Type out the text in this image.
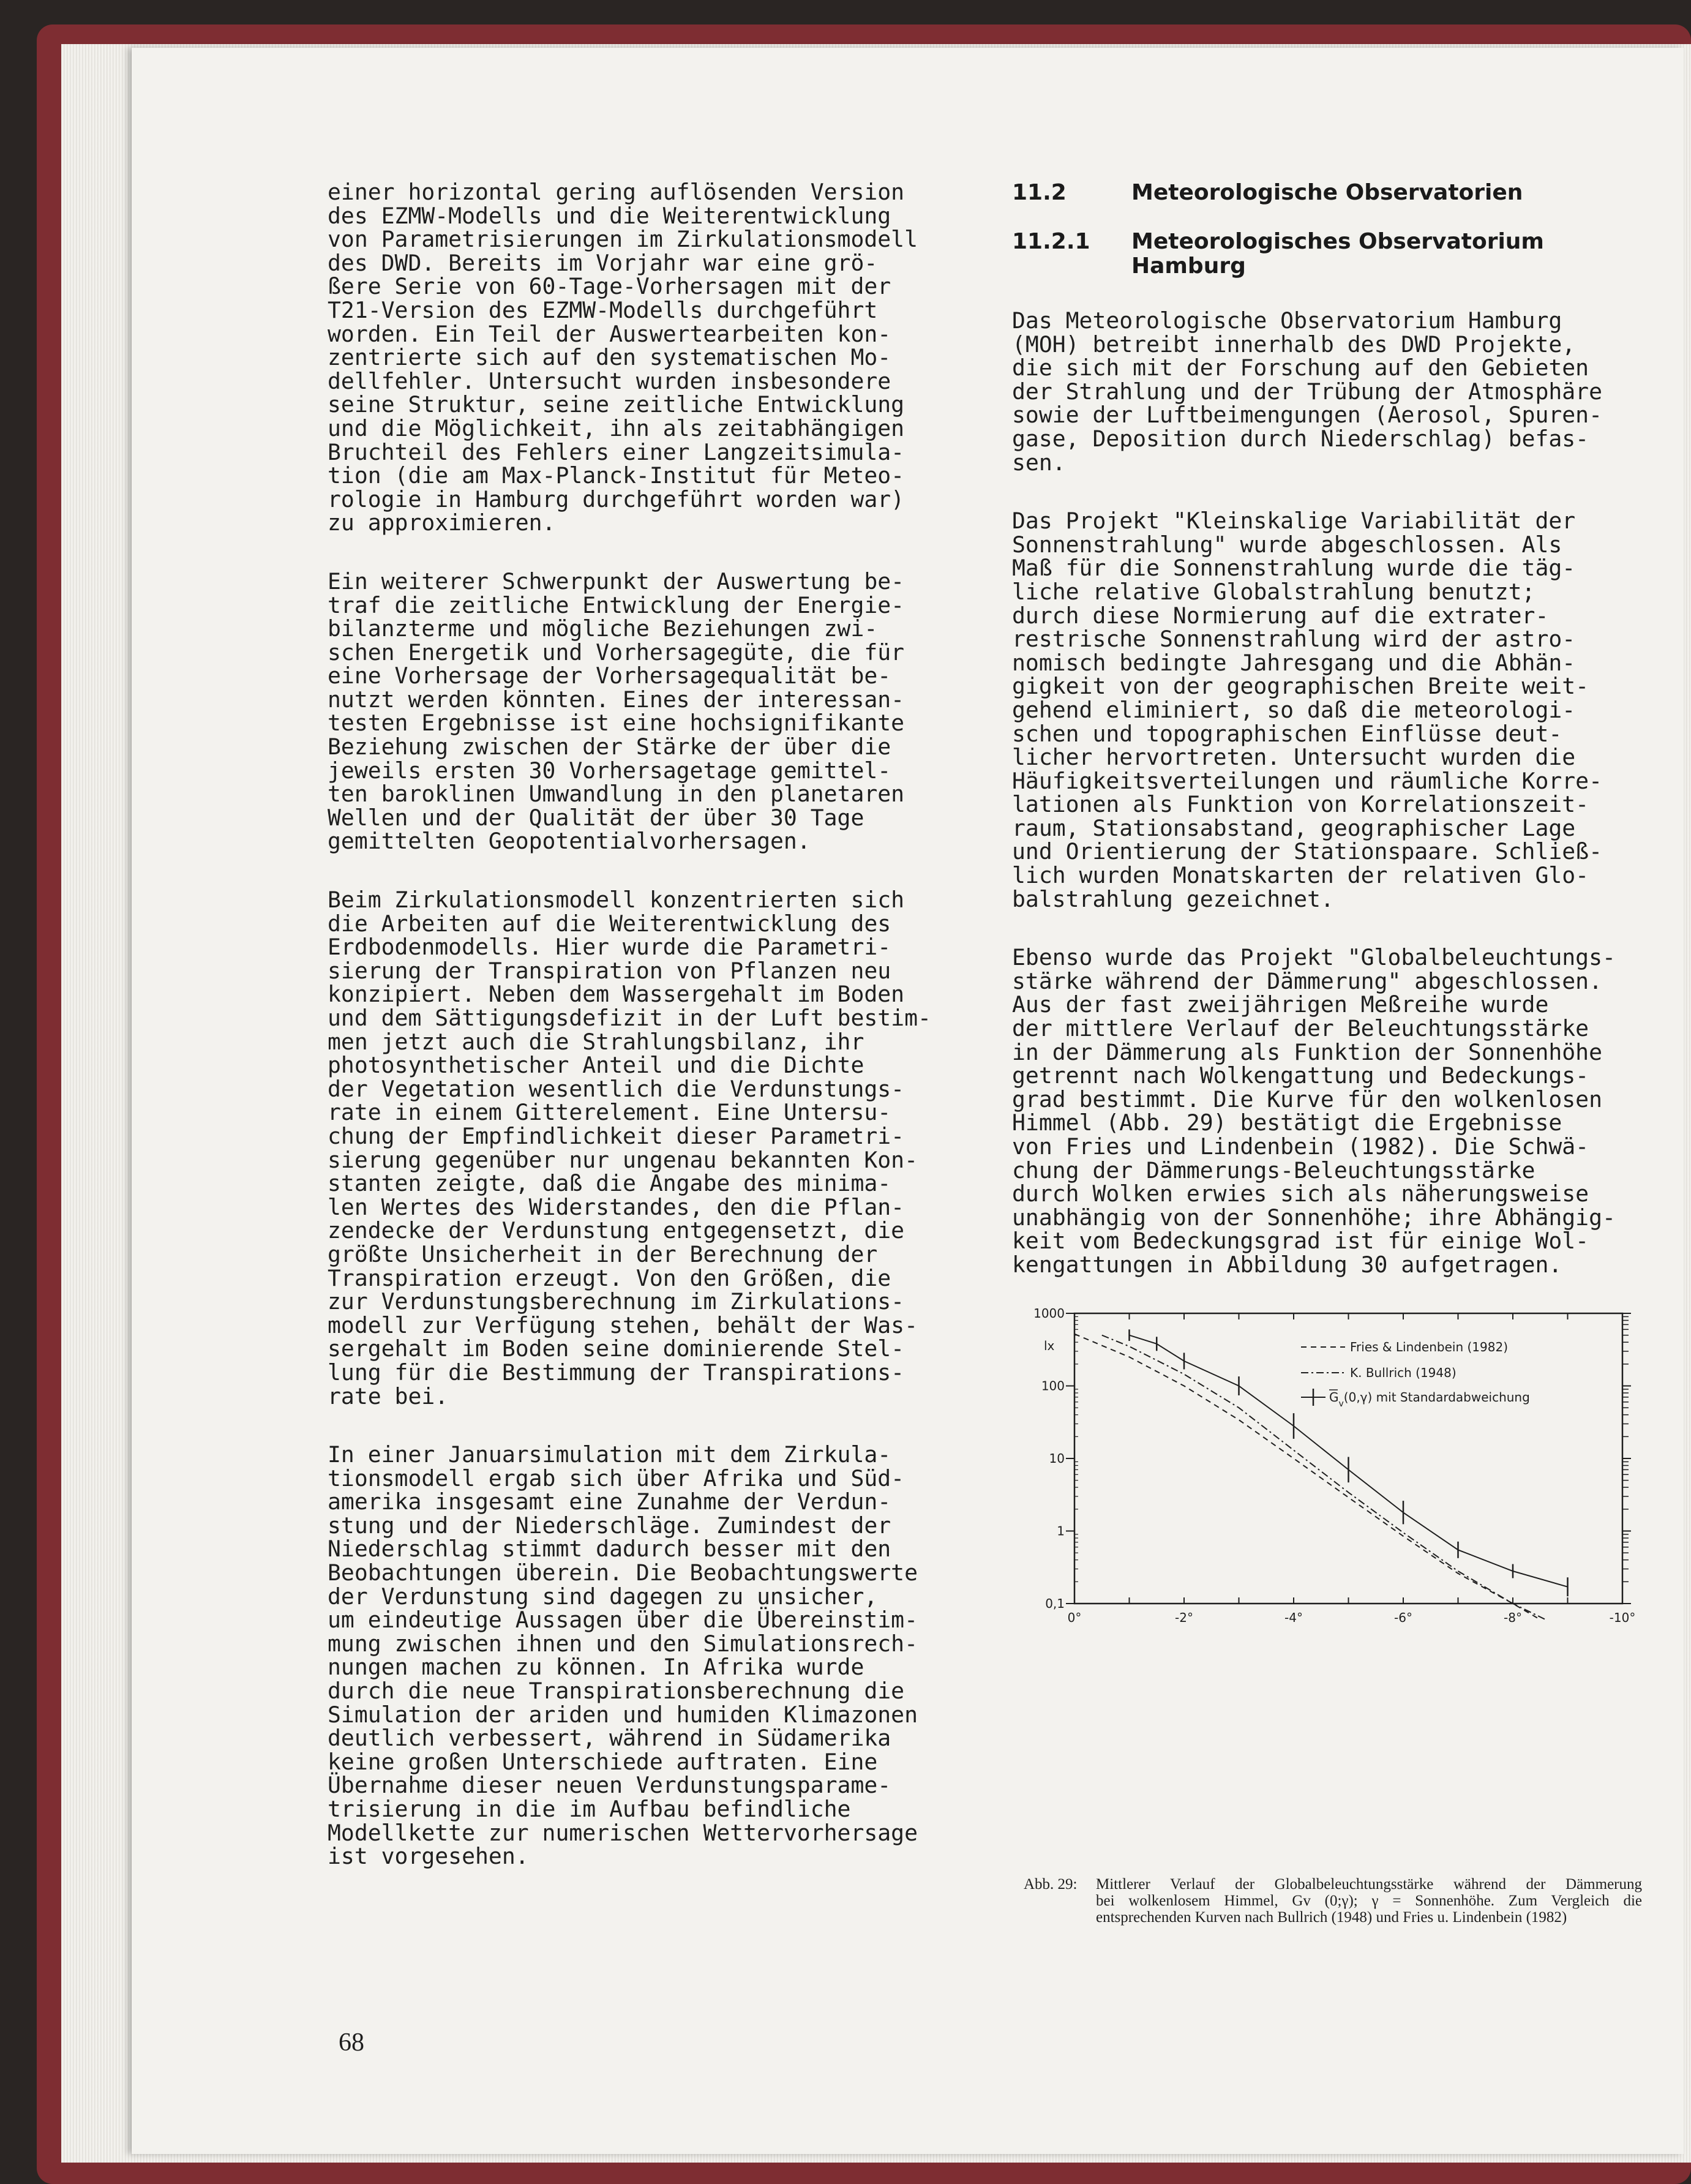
einer horizontal gering auflösenden Version
des EZMW-Modells und die Weiterentwicklung
von Parametrisierungen im Zirkulationsmodell
des DWD. Bereits im Vorjahr war eine grö-
ßere Serie von 60-Tage-Vorhersagen mit der
T21-Version des EZMW-Modells durchgeführt
worden. Ein Teil der Auswertearbeiten kon-
zentrierte sich auf den systematischen Mo-
dellfehler. Untersucht wurden insbesondere
seine Struktur, seine zeitliche Entwicklung
und die Möglichkeit, ihn als zeitabhängigen
Bruchteil des Fehlers einer Langzeitsimula-
tion (die am Max-Planck-Institut für Meteo-
rologie in Hamburg durchgeführt worden war)
zu approximieren.

Ein weiterer Schwerpunkt der Auswertung be-
traf die zeitliche Entwicklung der Energie-
bilanzterme und mögliche Beziehungen zwi-
schen Energetik und Vorhersagegüte, die für
eine Vorhersage der Vorhersagequalität be-
nutzt werden könnten. Eines der interessan-
testen Ergebnisse ist eine hochsignifikante
Beziehung zwischen der Stärke der über die
jeweils ersten 30 Vorhersagetage gemittel-
ten baroklinen Umwandlung in den planetaren
Wellen und der Qualität der über 30 Tage
gemittelten Geopotentialvorhersagen.

Beim Zirkulationsmodell konzentrierten sich
die Arbeiten auf die Weiterentwicklung des
Erdbodenmodells. Hier wurde die Parametri-
sierung der Transpiration von Pflanzen neu
konzipiert. Neben dem Wassergehalt im Boden
und dem Sättigungsdefizit in der Luft bestim-
men jetzt auch die Strahlungsbilanz, ihr
photosynthetischer Anteil und die Dichte
der Vegetation wesentlich die Verdunstungs-
rate in einem Gitterelement. Eine Untersu-
chung der Empfindlichkeit dieser Parametri-
sierung gegenüber nur ungenau bekannten Kon-
stanten zeigte, daß die Angabe des minima-
len Wertes des Widerstandes, den die Pflan-
zendecke der Verdunstung entgegensetzt, die
größte Unsicherheit in der Berechnung der
Transpiration erzeugt. Von den Größen, die
zur Verdunstungsberechnung im Zirkulations-
modell zur Verfügung stehen, behält der Was-
sergehalt im Boden seine dominierende Stel-
lung für die Bestimmung der Transpirations-
rate bei.

In einer Januarsimulation mit dem Zirkula-
tionsmodell ergab sich über Afrika und Süd-
amerika insgesamt eine Zunahme der Verdun-
stung und der Niederschläge. Zumindest der
Niederschlag stimmt dadurch besser mit den
Beobachtungen überein. Die Beobachtungswerte
der Verdunstung sind dagegen zu unsicher,
um eindeutige Aussagen über die Übereinstim-
mung zwischen ihnen und den Simulationsrech-
nungen machen zu können. In Afrika wurde
durch die neue Transpirationsberechnung die
Simulation der ariden und humiden Klimazonen
deutlich verbessert, während in Südamerika
keine großen Unterschiede auftraten. Eine
Übernahme dieser neuen Verdunstungsparame-
trisierung in die im Aufbau befindliche
Modellkette zur numerischen Wettervorhersage
ist vorgesehen.

11.2	Meteorologische Observatorien
11.2.1 Meteorologisches Observatorium
Hamburg

Das Meteorologische Observatorium Hamburg
(MOH) betreibt innerhalb des DWD Projekte,
die sich mit der Forschung auf den Gebieten
der Strahlung und der Trübung der Atmosphäre
sowie der Luftbeimengungen (Aerosol, Spuren-
gase, Deposition durch Niederschlag) befas-
sen.

Das Projekt "Kleinskalige Variabilität der
Sonnenstrahlung" wurde abgeschlossen. Als
Maß für die Sonnenstrahlung wurde die täg-
liche relative Globalstrahlung benutzt;
durch diese Normierung auf die extrater-
restrische Sonnenstrahlung wird der astro-
nomisch bedingte Jahresgang und die Abhän-
gigkeit von der geographischen Breite weit-
gehend eliminiert, so daß die meteorologi-
schen und topographischen Einflüsse deut-
licher hervortreten. Untersucht wurden die
Häufigkeitsverteilungen und räumliche Korre-
lationen als Funktion von Korrelationszeit-
raum, Stationsabstand, geographischer Lage
und Orientierung der Stationspaare. Schließ-
lich wurden Monatskarten der relativen Glo-
balstrahlung gezeichnet.

Ebenso wurde das Projekt "Globalbeleuchtungs-
stärke während der Dämmerung" abgeschlossen.
Aus der fast zweijährigen Meßreihe wurde
der mittlere Verlauf der Beleuchtungsstärke
in der Dämmerung als Funktion der Sonnenhöhe
getrennt nach Wolkengattung und Bedeckungs-
grad bestimmt. Die Kurve für den wolkenlosen
Himmel (Abb. 29) bestätigt die Ergebnisse
von Fries und Lindenbein (1982). Die Schwä-
chung der Dämmerungs-Beleuchtungsstärke
durch Wolken erwies sich als näherungsweise
unabhängig von der Sonnenhöhe; ihre Abhängig-
keit vom Bedeckungsgrad ist für einige Wol-
kengattungen in Abbildung 30 aufgetragen.

0,1
1
10
100
1000
lx
0°	-2°	-4°	-6°	-8°	-10°
Fries & Lindenbein (1982)
K. Bullrich (1948)
$G_v(0,\gamma)$ mit Standardabweichung
Abb. 29: Mittlerer Verlauf der Globalbeleuchtungsstärke während der Dämmerung
bei wolkenlosem Himmel, Gv (0;γ); γ = Sonnenhöhe. Zum Vergleich die
entsprechenden Kurven nach Bullrich (1948) und Fries u. Lindenbein (1982)
68
